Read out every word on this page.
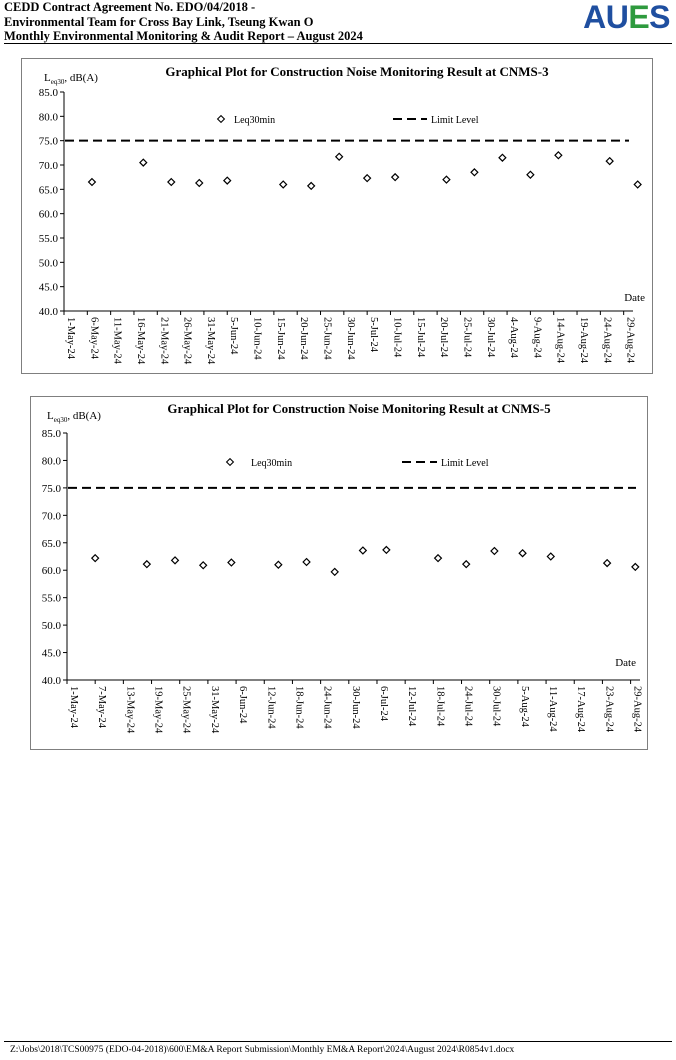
CEDD Contract Agreement No. EDO/04/2018 -
Environmental Team for Cross Bay Link, Tseung Kwan O
Monthly Environmental Monitoring & Audit Report – August 2024
AUES
Graphical Plot for Construction Noise Monitoring Result at CNMS-3
$L_{eq30}$, dB(A)
40.0
45.0
50.0
55.0
60.0
65.0
70.0
75.0
80.0
85.0
1-May-24 6-May-24 11-May-24 16-May-24 21-May-24 26-May-24 31-May-24 5-Jun-24 10-Jun-24 15-Jun-24 20-Jun-24 25-Jun-24 30-Jun-24 5-Jul-24 10-Jul-24 15-Jul-24 20-Jul-24 25-Jul-24 30-Jul-24 4-Aug-24 9-Aug-24 14-Aug-24 19-Aug-24 24-Aug-24 29-Aug-24
Date
Leq30min	Limit Level
Graphical Plot for Construction Noise Monitoring Result at CNMS-5
$L_{eq30}$, dB(A)
40.0
45.0
50.0
55.0
60.0
65.0
70.0
75.0
80.0
85.0
1-May-24 7-May-24 13-May-24 19-May-24 25-May-24 31-May-24 6-Jun-24 12-Jun-24 18-Jun-24 24-Jun-24 30-Jun-24 6-Jul-24 12-Jul-24 18-Jul-24 24-Jul-24 30-Jul-24 5-Aug-24 11-Aug-24 17-Aug-24 23-Aug-24 29-Aug-24
Date
Leq30min	Limit Level
Z:\Jobs\2018\TCS00975 (EDO-04-2018)\600\EM&A Report Submission\Monthly EM&A Report\2024\August 2024\R0854v1.docx
